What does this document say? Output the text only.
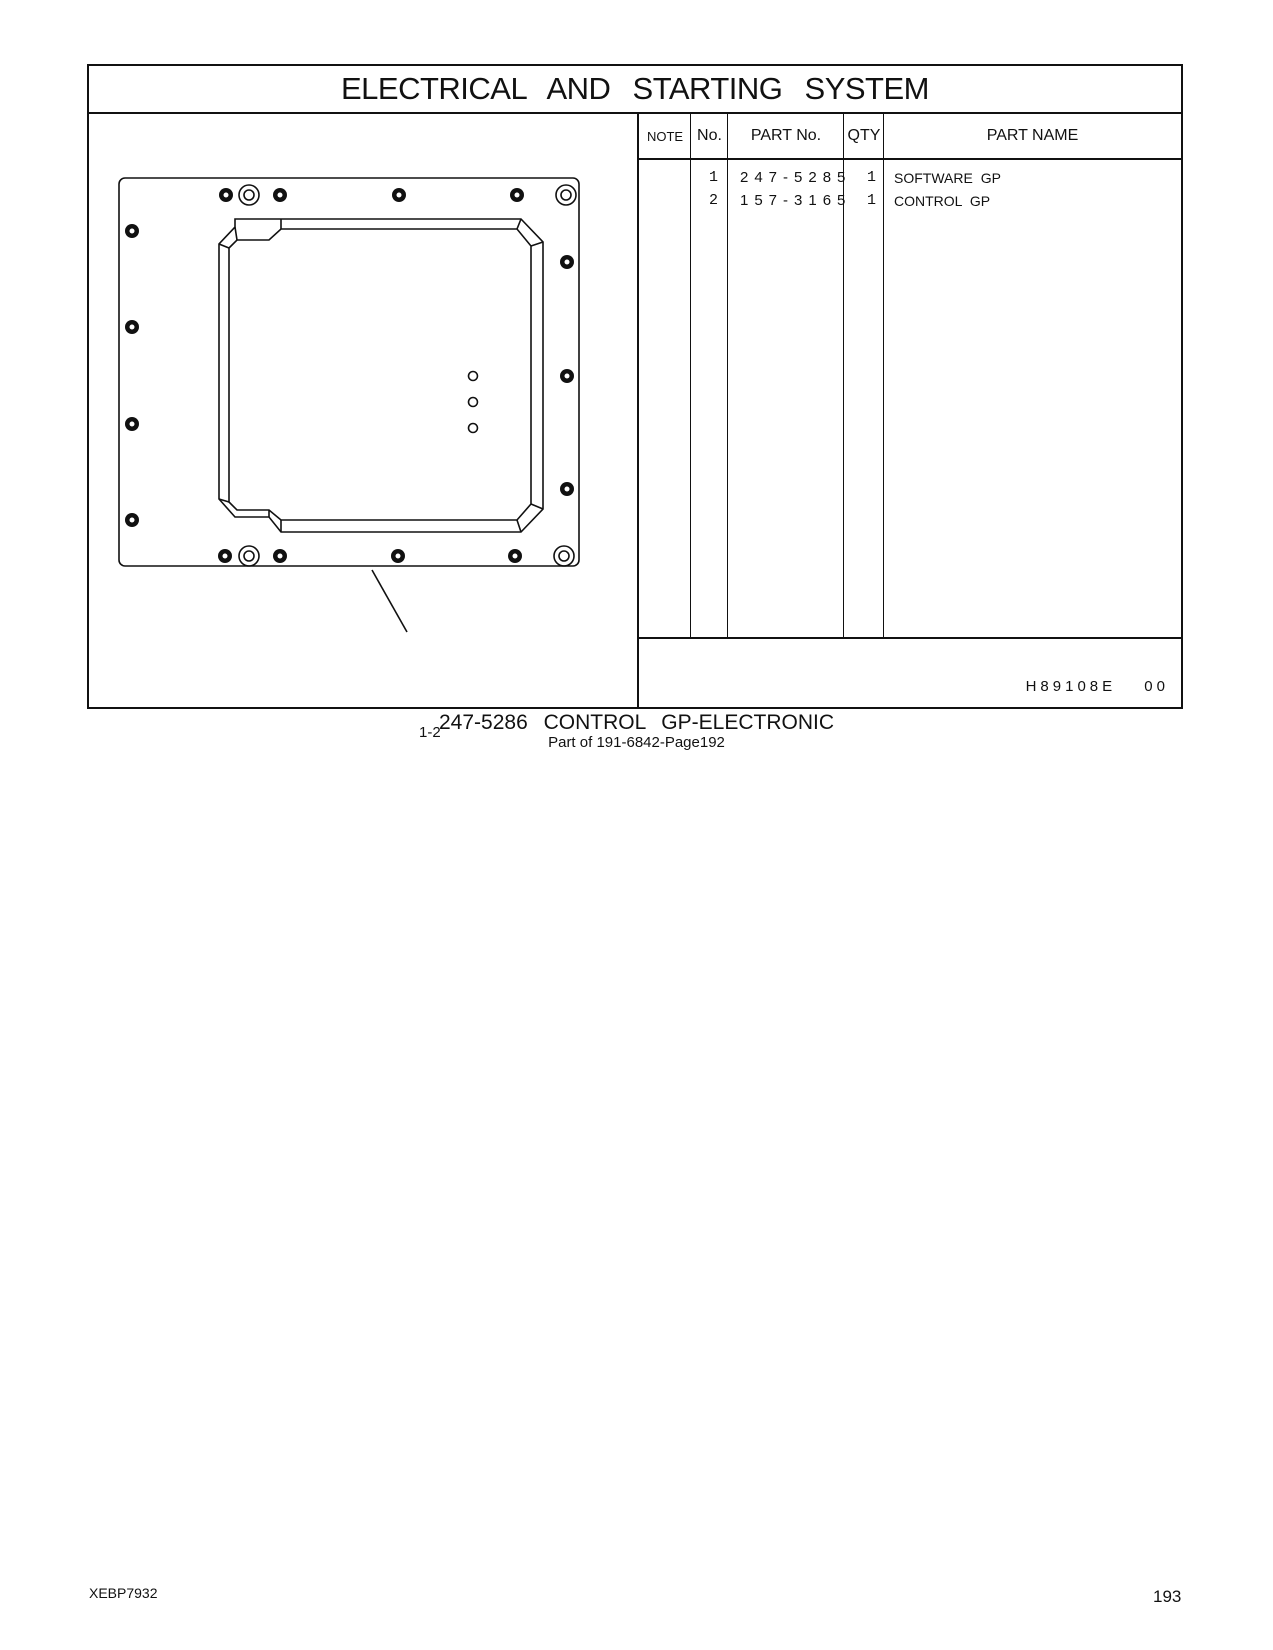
ELECTRICAL AND STARTING SYSTEM
1-2
NOTE No.	PART No.	QTY	PART NAME
1 247-5285 1 SOFTWARE GP
2 157-3165 1 CONTROL GP
H89108E 00
247-5286 CONTROL GP-ELECTRONIC
Part of 191-6842-Page192
XEBP7932	193
